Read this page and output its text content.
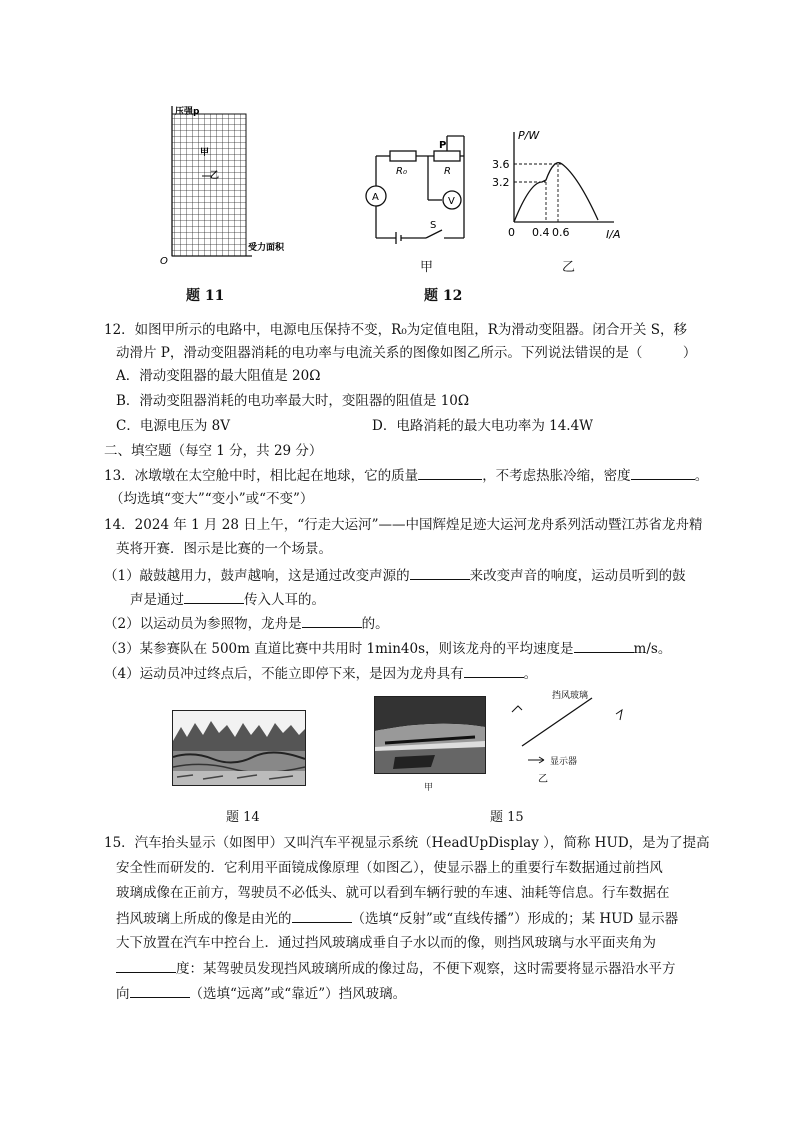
压强p
受力面积
O
甲
乙
题 11
A	V
R₀	R
P
S
甲
P/W
I/A
3.6
3.2
0.4 0.6
0
乙
题 12
12．如图甲所示的电路中，电源电压保持不变，R₀为定值电阻，R为滑动变阻器。闭合开关 S，移
动滑片 P，滑动变阻器消耗的电功率与电流关系的图像如图乙所示。下列说法错误的是（　　　）
A．滑动变阻器的最大阻值是 20Ω
B．滑动变阻器消耗的电功率最大时，变阻器的阻值是 10Ω
C．电源电压为 8V	D．电路消耗的最大电功率为 14.4W
二、填空题（每空 1 分，共 29 分）
13．冰墩墩在太空舱中时，相比起在地球，它的质量	，不考虑热胀冷缩，密度	。
（均选填“变大”“变小”或“不变”）
14．2024 年 1 月 28 日上午，“行走大运河”——中国辉煌足迹大运河龙舟系列活动暨江苏省龙舟精
英将开赛．图示是比赛的一个场景。
（1）敲鼓越用力，鼓声越响，这是通过改变声源的	来改变声音的响度，运动员听到的鼓
声是通过	传入人耳的。
（2）以运动员为参照物，龙舟是	的。
（3）某参赛队在 500m 直道比赛中共用时 1min40s，则该龙舟的平均速度是	m/s。
（4）运动员冲过终点后，不能立即停下来，是因为龙舟具有	。
题 14
甲
挡风玻璃
显示器
乙
题 15
15．汽车抬头显示（如图甲）又叫汽车平视显示系统（HeadUpDisplay ），简称 HUD，是为了提高
安全性而研发的．它利用平面镜成像原理（如图乙），使显示器上的重要行车数据通过前挡风
玻璃成像在正前方，驾驶员不必低头、就可以看到车辆行驶的车速、油耗等信息。行车数据在
挡风玻璃上所成的像是由光的	（选填“反射”或“直线传播”）形成的；某 HUD 显示器
大下放置在汽车中控台上．通过挡风玻璃成垂自子水以而的像，则挡风玻璃与水平面夹角为
度：某驾驶员发现挡风玻璃所成的像过岛，不便下观察，这时需要将显示器沿水平方
向	（选填“远离”或“靠近”）挡风玻璃。
